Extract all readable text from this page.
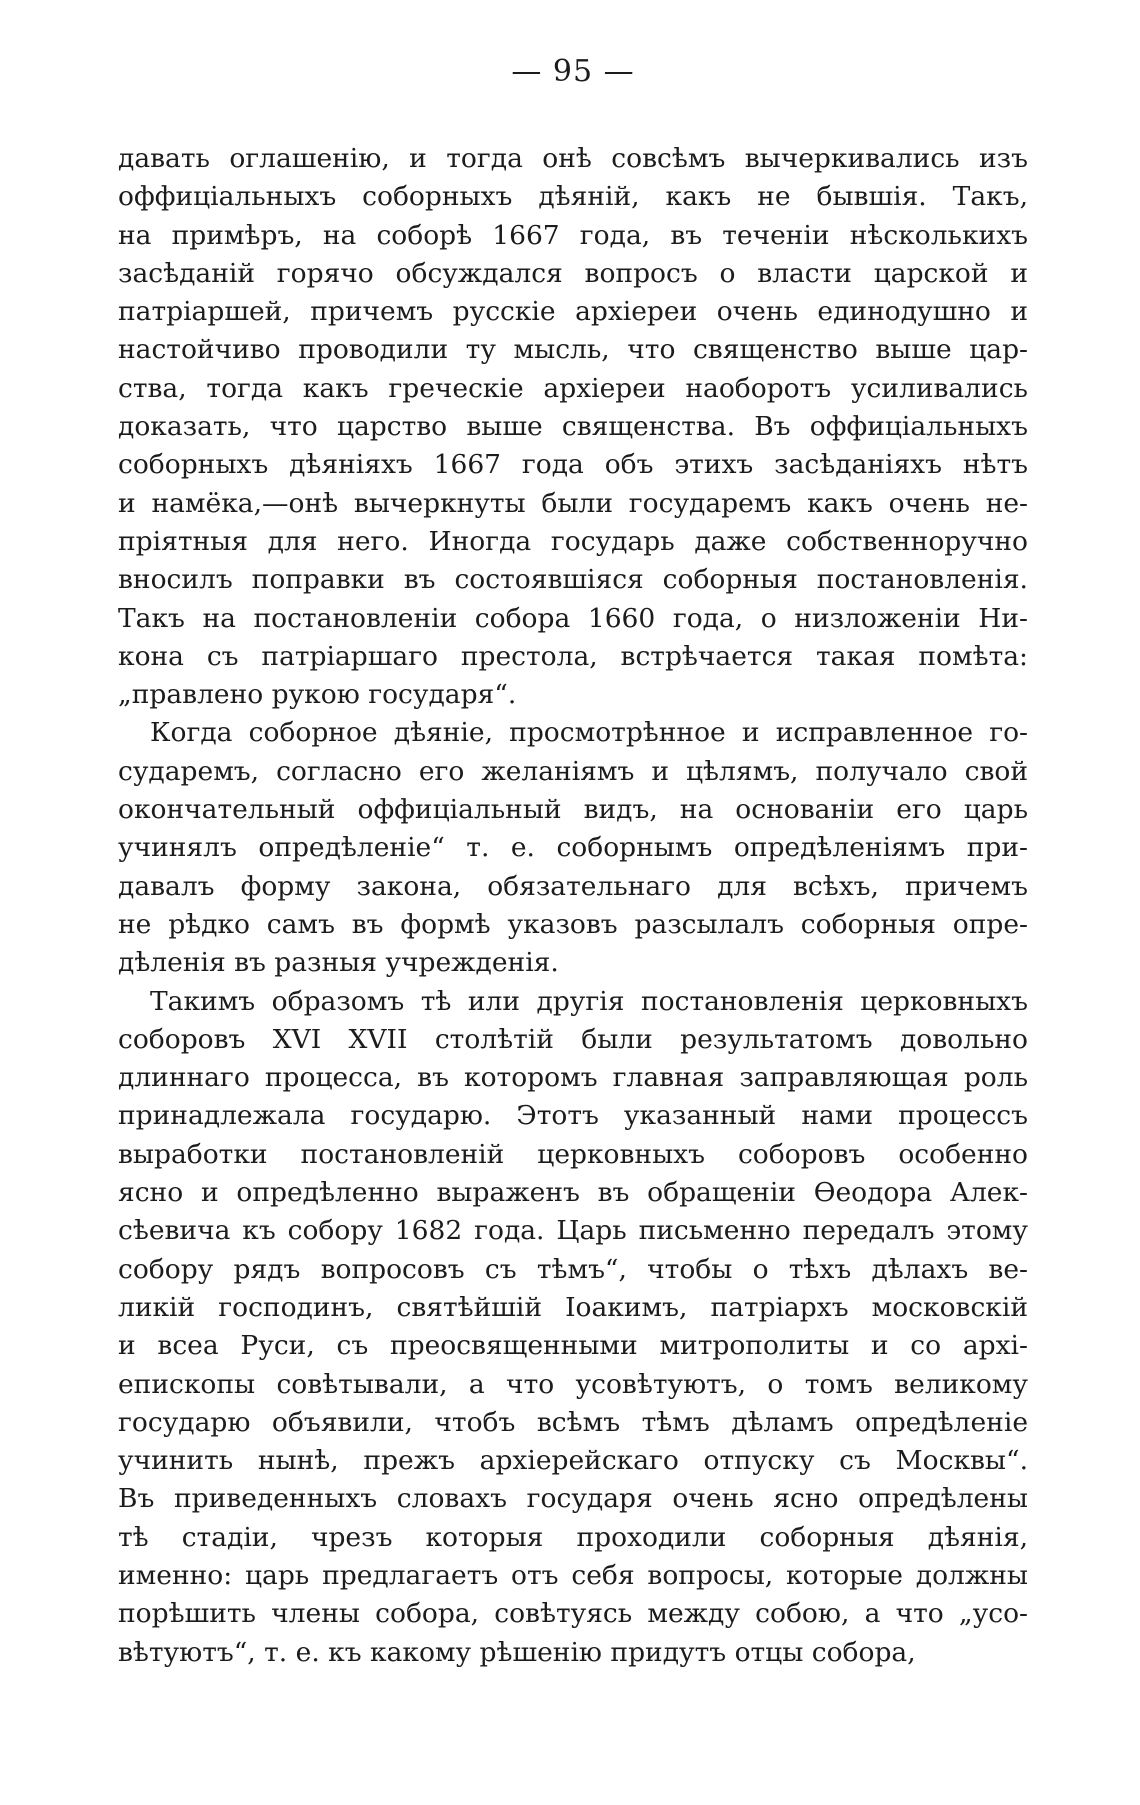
— 95 —
давать оглашенію, и тогда онѣ совсѣмъ вычеркивались изъ
оффиціальныхъ соборныхъ дѣяній, какъ не бывшія. Такъ,
на примѣръ, на соборѣ 1667 года, въ теченіи нѣсколькихъ
засѣданій горячо обсуждался вопросъ о власти царской и
патріаршей, причемъ русскіе архіереи очень единодушно и
настойчиво проводили ту мысль, что священство выше цар-
ства, тогда какъ греческіе архіереи наоборотъ усиливались
доказать, что царство выше священства. Въ оффиціальныхъ
соборныхъ дѣяніяхъ 1667 года объ этихъ засѣданіяхъ нѣтъ
и намёка,—онѣ вычеркнуты были государемъ какъ очень не-
пріятныя для него. Иногда государь даже собственноручно
вносилъ поправки въ состоявшіяся соборныя постановленія.
Такъ на постановленіи собора 1660 года, о низложеніи Ни-
кона съ патріаршаго престола, встрѣчается такая помѣта:
„правлено рукою государя“.
Когда соборное дѣяніе, просмотрѣнное и исправленное го-
сударемъ, согласно его желаніямъ и цѣлямъ, получало свой
окончательный оффиціальный видъ, на основаніи его царь
учинялъ опредѣленіе“ т. е. соборнымъ опредѣленіямъ при-
давалъ форму закона, обязательнаго для всѣхъ, причемъ
не рѣдко самъ въ формѣ указовъ разсылалъ соборныя опре-
дѣленія въ разныя учрежденія.
Такимъ образомъ тѣ или другія постановленія церковныхъ
соборовъ XVI XVII столѣтій были результатомъ довольно
длиннаго процесса, въ которомъ главная заправляющая роль
принадлежала государю. Этотъ указанный нами процессъ
выработки постановленій церковныхъ соборовъ особенно
ясно и опредѣленно выраженъ въ обращеніи Ѳеодора Алек-
сѣевича къ собору 1682 года. Царь письменно передалъ этому
собору рядъ вопросовъ съ тѣмъ“, чтобы о тѣхъ дѣлахъ ве-
ликій господинъ, святѣйшій Іоакимъ, патріархъ московскій
и всеа Руси, съ преосвященными митрополиты и со архі-
епископы совѣтывали, а что усовѣтуютъ, о томъ великому
государю объявили, чтобъ всѣмъ тѣмъ дѣламъ опредѣленіе
учинить нынѣ, прежъ архіерейскаго отпуску съ Москвы“.
Въ приведенныхъ словахъ государя очень ясно опредѣлены
тѣ стадіи, чрезъ которыя проходили соборныя дѣянія,
именно: царь предлагаетъ отъ себя вопросы, которые должны
порѣшить члены собора, совѣтуясь между собою, а что „усо-
вѣтуютъ“, т. е. къ какому рѣшенію придутъ отцы собора,
